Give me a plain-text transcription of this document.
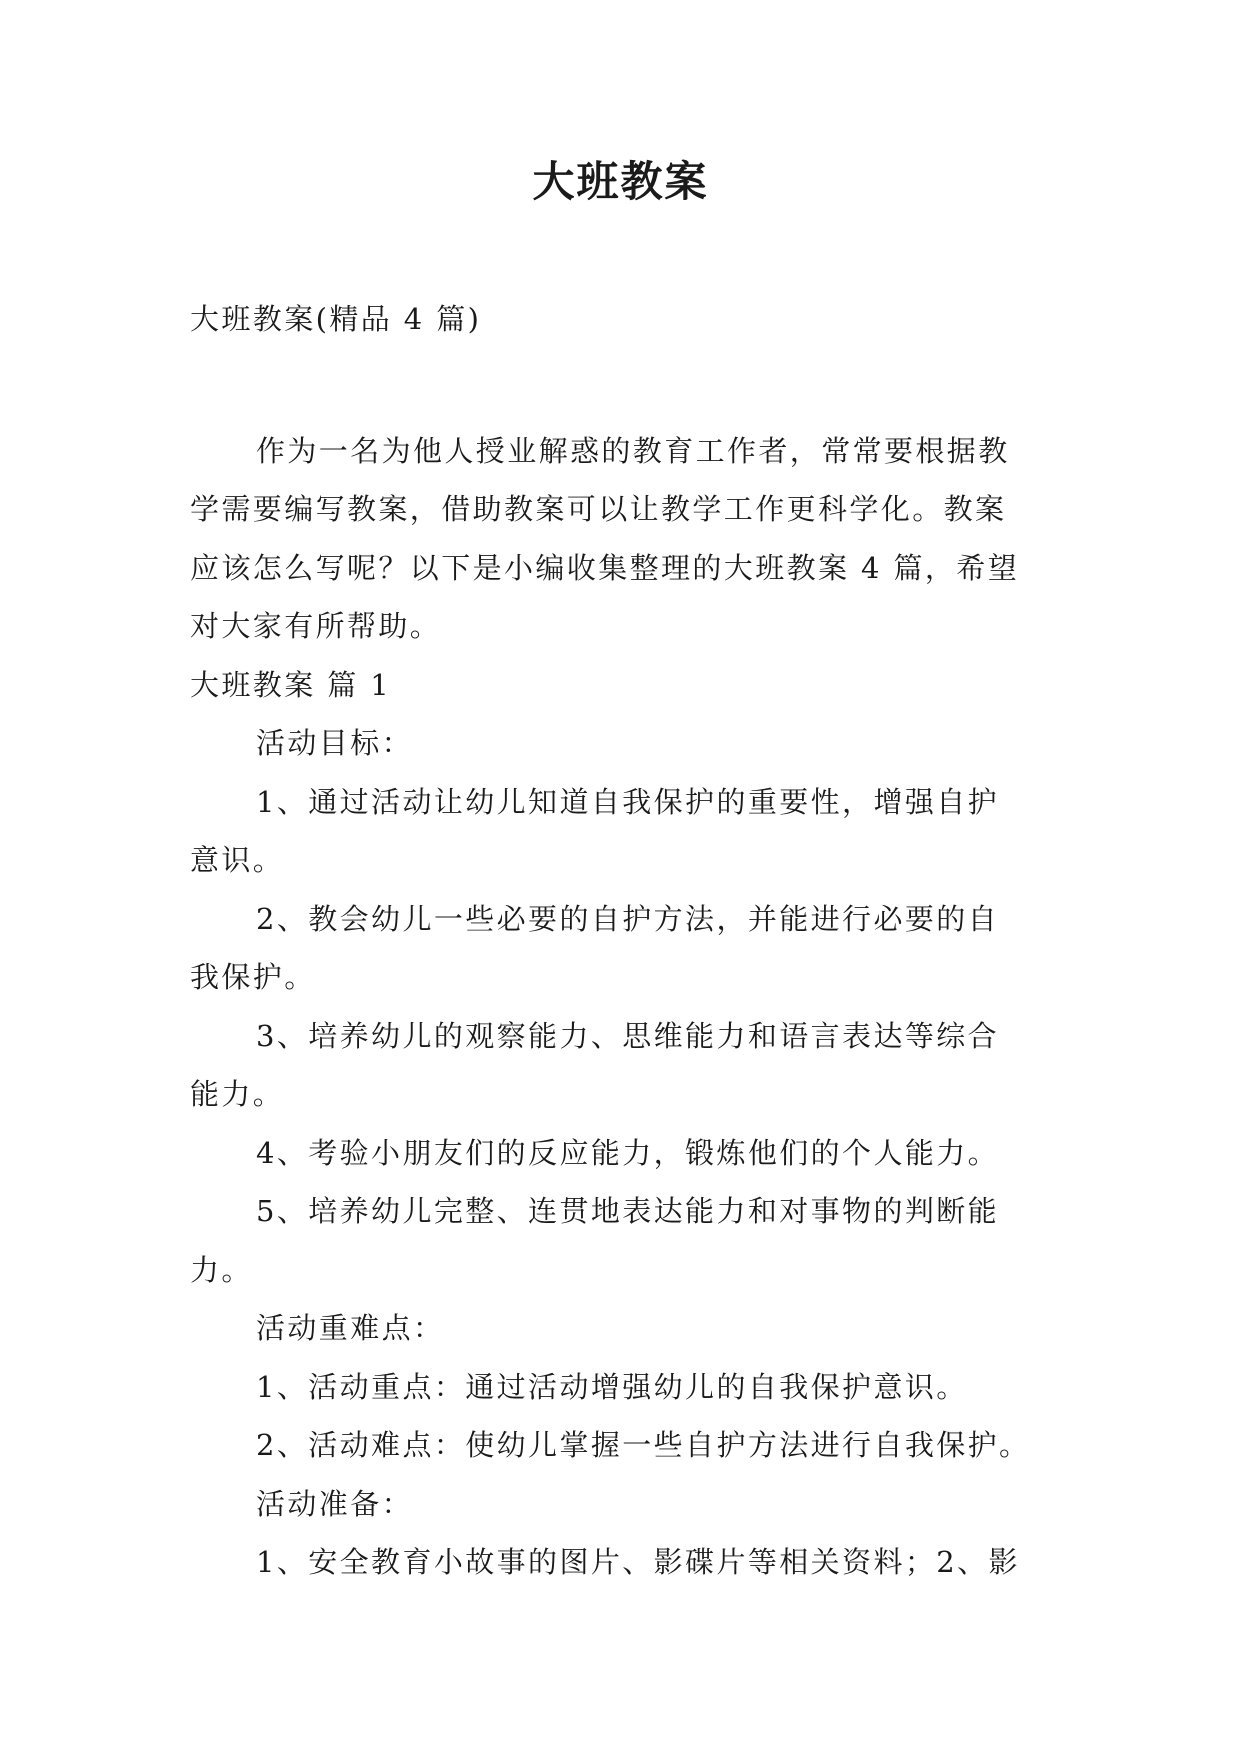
大班教案
大班教案(精品 4 篇)
作为一名为他人授业解惑的教育工作者，常常要根据教
学需要编写教案，借助教案可以让教学工作更科学化。教案
应该怎么写呢？以下是小编收集整理的大班教案 4 篇，希望
对大家有所帮助。
大班教案 篇 1
活动目标：
1、通过活动让幼儿知道自我保护的重要性，增强自护
意识。
2、教会幼儿一些必要的自护方法，并能进行必要的自
我保护。
3、培养幼儿的观察能力、思维能力和语言表达等综合
能力。
4、考验小朋友们的反应能力，锻炼他们的个人能力。
5、培养幼儿完整、连贯地表达能力和对事物的判断能
力。
活动重难点：
1、活动重点：通过活动增强幼儿的自我保护意识。
2、活动难点：使幼儿掌握一些自护方法进行自我保护。
活动准备：
1、安全教育小故事的图片、影碟片等相关资料；2、影
